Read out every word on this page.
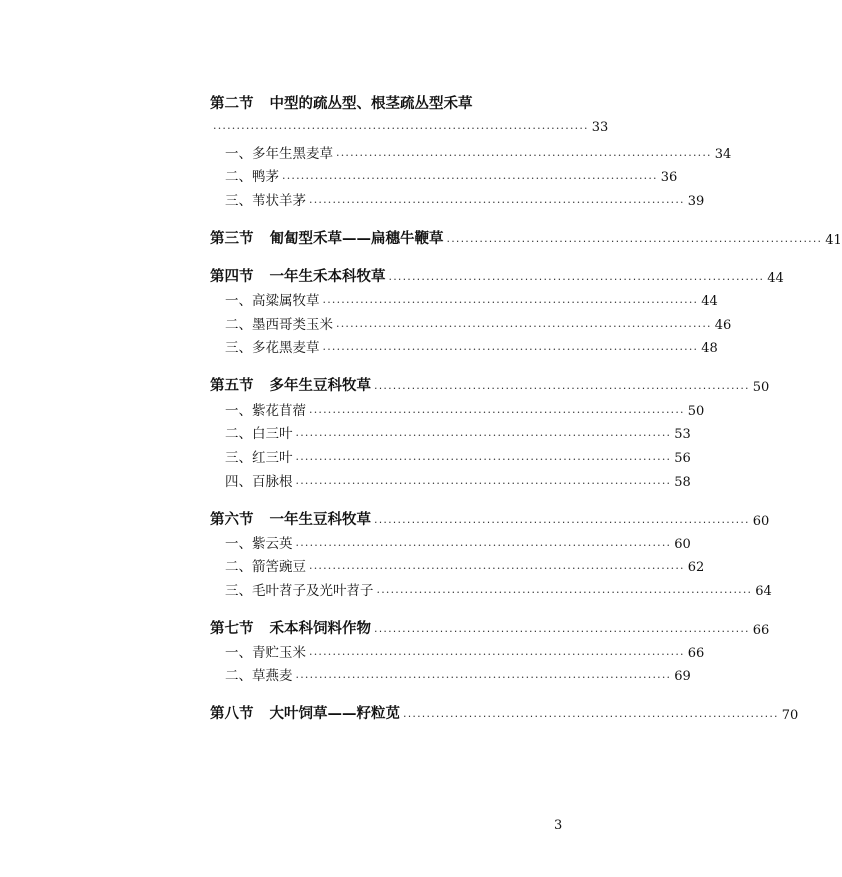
第二节 中型的疏丛型、根茎疏丛型禾草
················································································ 33
一、多年生黑麦草 ················································································ 34
二、鸭茅 ················································································ 36
三、苇状羊茅 ················································································ 39
第三节 匍匐型禾草——扁穗牛鞭草 ················································································ 41
第四节 一年生禾本科牧草 ················································································ 44
一、高粱属牧草 ················································································ 44
二、墨西哥类玉米 ················································································ 46
三、多花黑麦草 ················································································ 48
第五节 多年生豆科牧草 ················································································ 50
一、紫花苜蓿 ················································································ 50
二、白三叶 ················································································ 53
三、红三叶 ················································································ 56
四、百脉根 ················································································ 58
第六节 一年生豆科牧草 ················································································ 60
一、紫云英 ················································································ 60
二、箭筈豌豆 ················································································ 62
三、毛叶苕子及光叶苕子 ················································································ 64
第七节 禾本科饲料作物 ················································································ 66
一、青贮玉米 ················································································ 66
二、草燕麦 ················································································ 69
第八节 大叶饲草——籽粒苋 ················································································ 70
3
